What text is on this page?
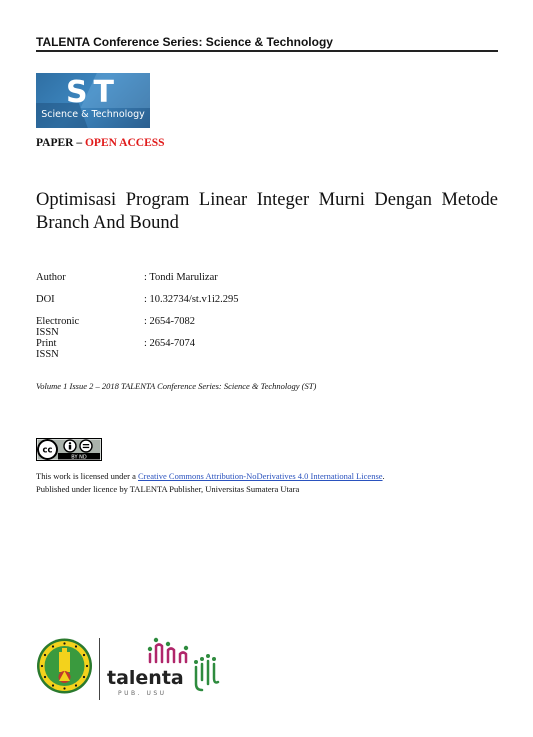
TALENTA Conference Series: Science & Technology
ST
Science & Technology
PAPER – OPEN ACCESS
Optimisasi Program Linear Integer Murni Dengan Metode Branch And Bound
Author	: Tondi Marulizar
DOI	: 10.32734/st.v1i2.295
Electronic ISSN
: 2654-7082
Print ISSN
: 2654-7074
Volume 1 Issue 2 – 2018 TALENTA Conference Series: Science & Technology (ST)
cc
BY ND
This work is licensed under a Creative Commons Attribution-NoDerivatives 4.0 International License.
Published under licence by TALENTA Publisher, Universitas Sumatera Utara
talenta
PUB. USU
